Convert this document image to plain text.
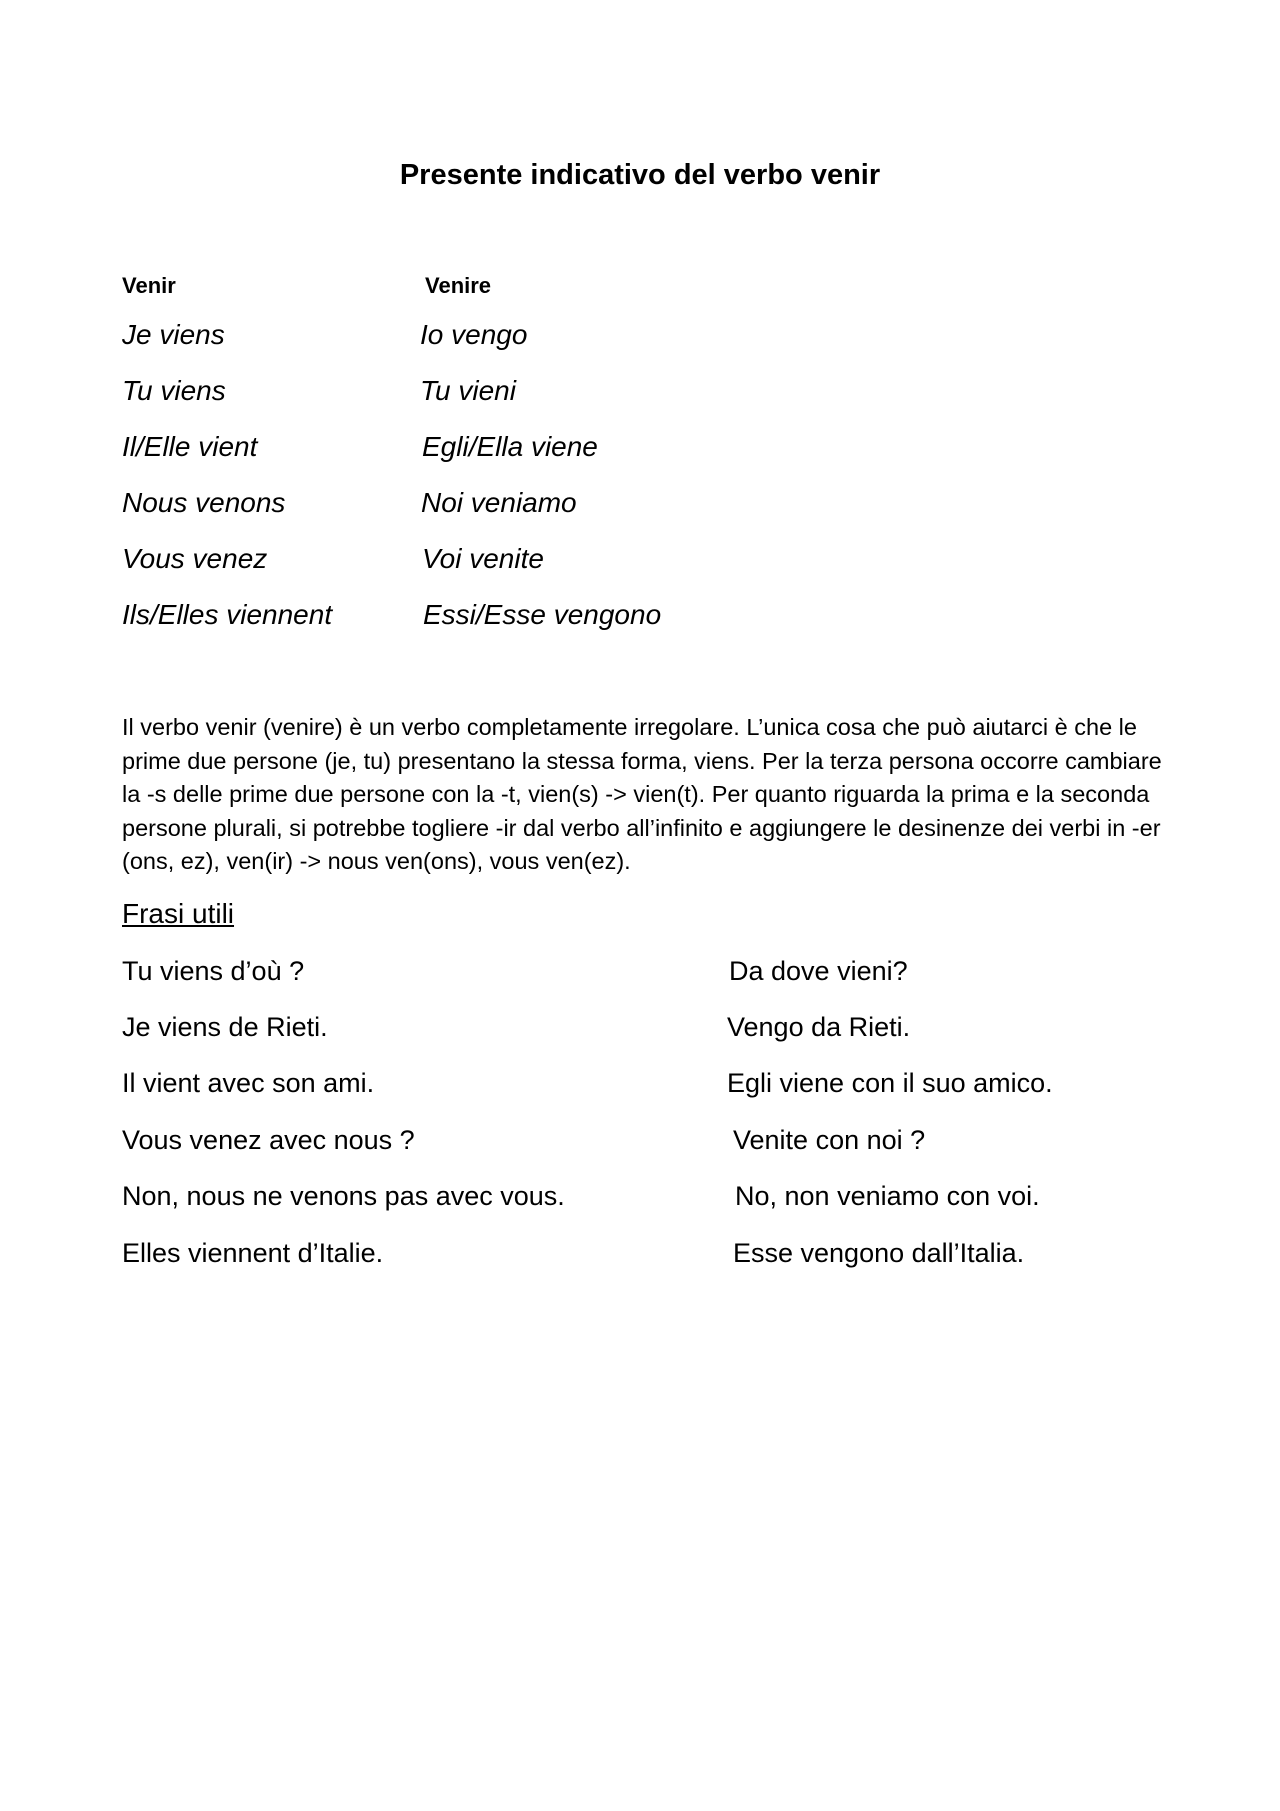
Presente indicativo del verbo venir
Venir	Venire
Je viens	Io vengo
Tu viens	Tu vieni
Il/Elle vient	Egli/Ella viene
Nous venons	Noi veniamo
Vous venez	Voi venite
Ils/Elles viennent	Essi/Esse vengono
Il verbo venir (venire) è un verbo completamente irregolare. L’unica cosa che può aiutarci è che le prime due persone (je, tu) presentano la stessa forma, viens. Per la terza persona occorre cambiare la -s delle prime due persone con la -t, vien(s) -> vien(t). Per quanto riguarda la prima e la seconda persone plurali, si potrebbe togliere -ir dal verbo all’infinito e aggiungere le desinenze dei verbi in -er (ons, ez), ven(ir) -> nous ven(ons), vous ven(ez).
Frasi utili
Tu viens d’où ?	Da dove vieni?
Je viens de Rieti.	Vengo da Rieti.
Il vient avec son ami.	Egli viene con il suo amico.
Vous venez avec nous ?	Venite con noi ?
Non, nous ne venons pas avec vous.	No, non veniamo con voi.
Elles viennent d’Italie.	Esse vengono dall’Italia.
